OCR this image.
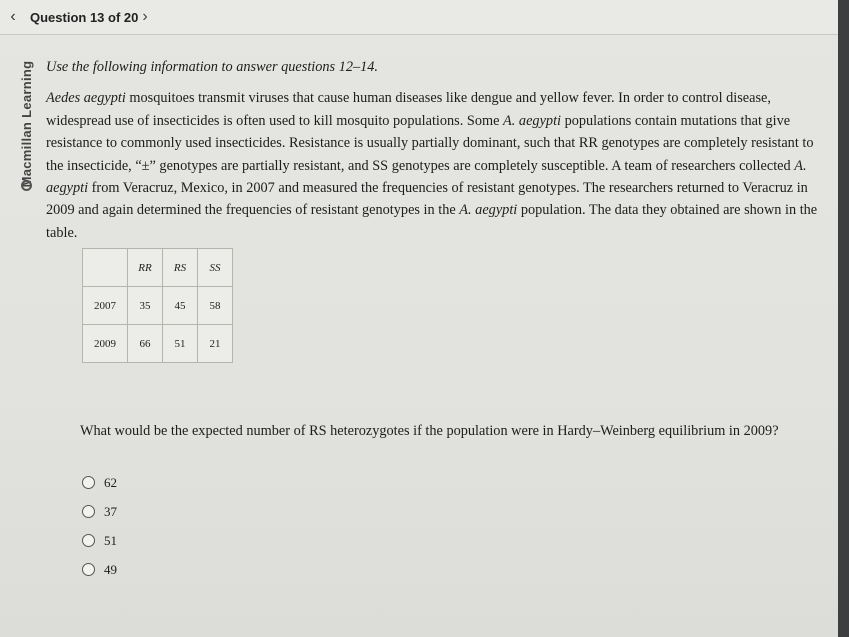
‹	Question 13 of 20 ›
Macmillan Learning Use the following information to answer questions 12–14.

Aedes aegypti mosquitoes transmit viruses that cause human diseases like dengue and yellow fever. In order to control disease, widespread use of insecticides is often used to kill mosquito populations. Some A. aegypti populations contain mutations that give resistance to commonly used insecticides. Resistance is usually partially dominant, such that RR genotypes are completely resistant to the insecticide, “±” genotypes are partially resistant, and SS genotypes are completely susceptible. A team of researchers collected A. aegypti from Veracruz, Mexico, in 2007 and measured the frequencies of resistant genotypes. The researchers returned to Veracruz in 2009 and again determined the frequencies of resistant genotypes in the A. aegypti population. The data they obtained are shown in the table.

	RR	RS	SS
2007	35	45	58
2009	66	51	21
What would be the expected number of RS heterozygotes if the population were in Hardy–Weinberg equilibrium in 2009?
62
37
51
49
